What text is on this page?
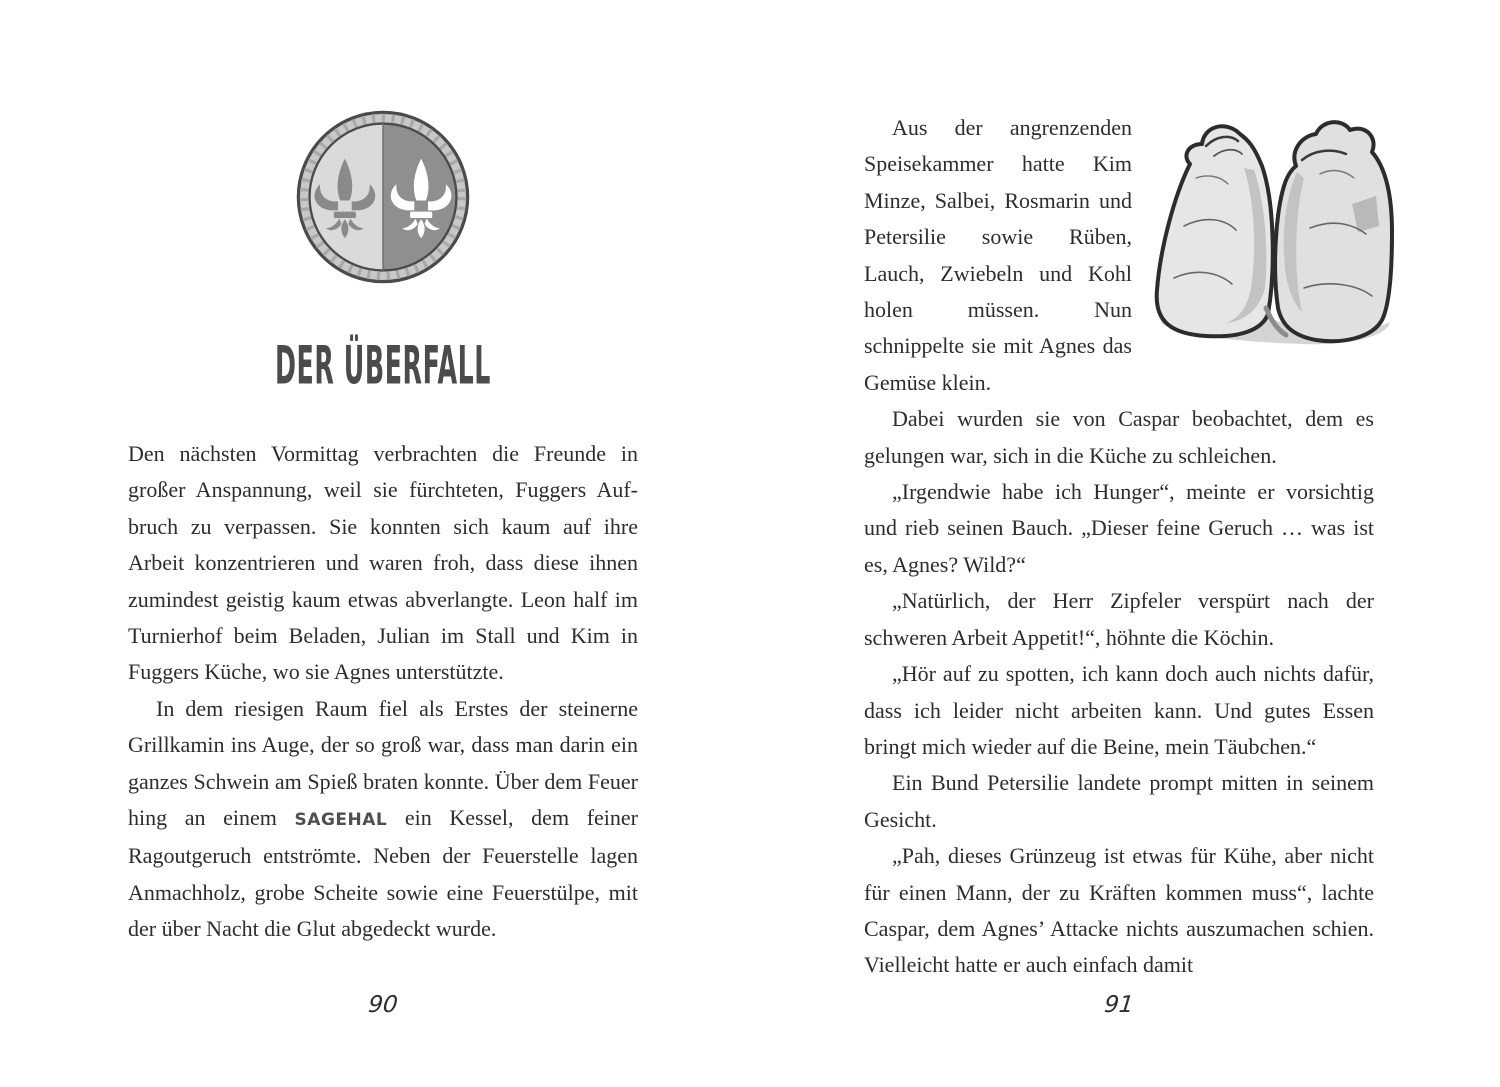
DER ÜBERFALL

Den nächsten Vormittag verbrachten die Freunde in großer Anspannung, weil sie fürchteten, Fuggers Aufbruch zu verpassen. Sie konnten sich kaum auf ihre Arbeit konzentrieren und waren froh, dass diese ihnen zumindest geistig kaum etwas abverlangte. Leon half im Turnierhof beim Beladen, Julian im Stall und Kim in Fuggers Küche, wo sie Agnes unterstützte.

In dem riesigen Raum fiel als Erstes der steinerne Grillkamin ins Auge, der so groß war, dass man darin ein ganzes Schwein am Spieß braten konnte. Über dem Feuer hing an einem SAGEHAL ein Kessel, dem feiner Ragoutgeruch entströmte. Neben der Feuerstelle lagen Anmachholz, grobe Scheite sowie eine Feuerstülpe, mit der über Nacht die Glut abgedeckt wurde.

90

Aus der angrenzenden Speisekammer hatte Kim Minze, Salbei, Rosmarin und Petersilie sowie Rüben, Lauch, Zwiebeln und Kohl holen müssen. Nun schnippelte sie mit Agnes das Gemüse klein.

Dabei wurden sie von Caspar beobachtet, dem es gelungen war, sich in die Küche zu schleichen.

„Irgendwie habe ich Hunger“, meinte er vorsichtig und rieb seinen Bauch. „Dieser feine Geruch … was ist es, Agnes? Wild?“

„Natürlich, der Herr Zipfeler verspürt nach der schweren Arbeit Appetit!“, höhnte die Köchin.

„Hör auf zu spotten, ich kann doch auch nichts dafür, dass ich leider nicht arbeiten kann. Und gutes Essen bringt mich wieder auf die Beine, mein Täubchen.“

Ein Bund Petersilie landete prompt mitten in seinem Gesicht.

„Pah, dieses Grünzeug ist etwas für Kühe, aber nicht für einen Mann, der zu Kräften kommen muss“, lachte Caspar, dem Agnes’ Attacke nichts auszumachen schien. Vielleicht hatte er auch einfach damit

91
